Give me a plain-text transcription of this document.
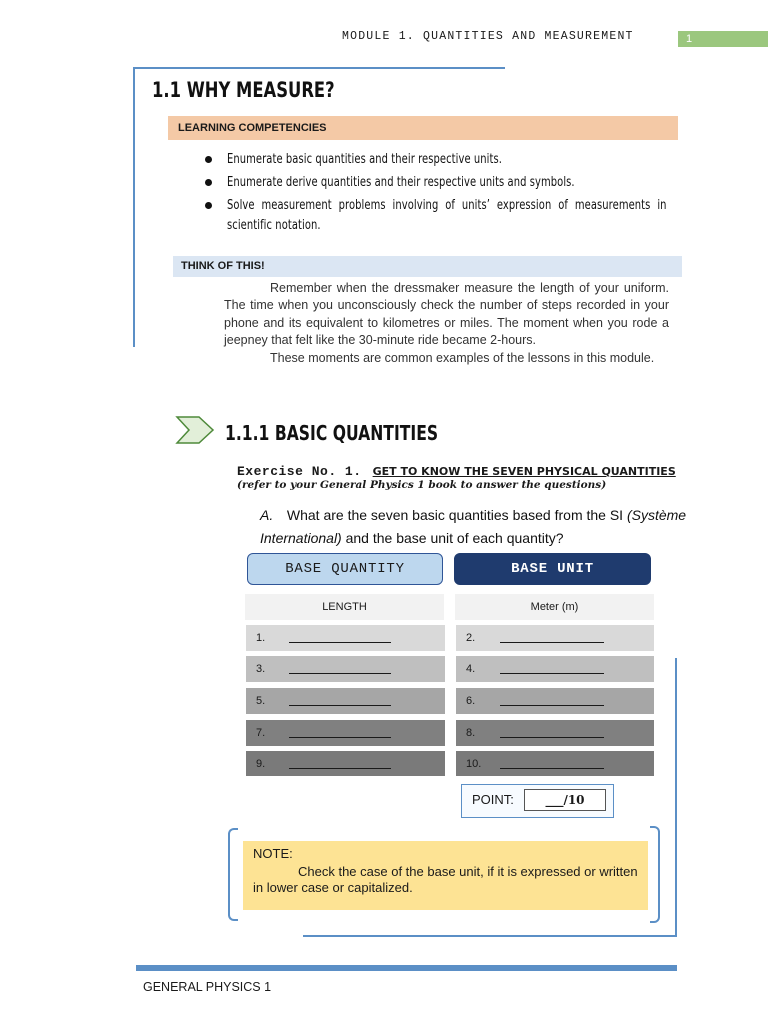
MODULE 1. QUANTITIES AND MEASUREMENT	1
1.1 WHY MEASURE?
LEARNING COMPETENCIES
Enumerate basic quantities and their respective units.
Enumerate derive quantities and their respective units and symbols.
Solve measurement problems involving of units’ expression of measurements in scientific notation.
THINK OF THIS!

Remember when the dressmaker measure the length of your uniform. The time when you unconsciously check the number of steps recorded in your phone and its equivalent to kilometres or miles. The moment when you rode a jeepney that felt like the 30-minute ride became 2-hours.

These moments are common examples of the lessons in this module.

1.1.1 BASIC QUANTITIES
Exercise No. 1. GET TO KNOW THE SEVEN PHYSICAL QUANTITIES
(refer to your General Physics 1 book to answer the questions)
A. What are the seven basic quantities based from the SI (Système International) and the base unit of each quantity?
BASE QUANTITY	BASE UNIT
LENGTH	Meter (m)
1.	2.
3.	4.
5.	6.
7.	8.
9.	10.
POINT:	___/10
NOTE:

Check the case of the base unit, if it is expressed or written in lower case or capitalized.

GENERAL PHYSICS 1
